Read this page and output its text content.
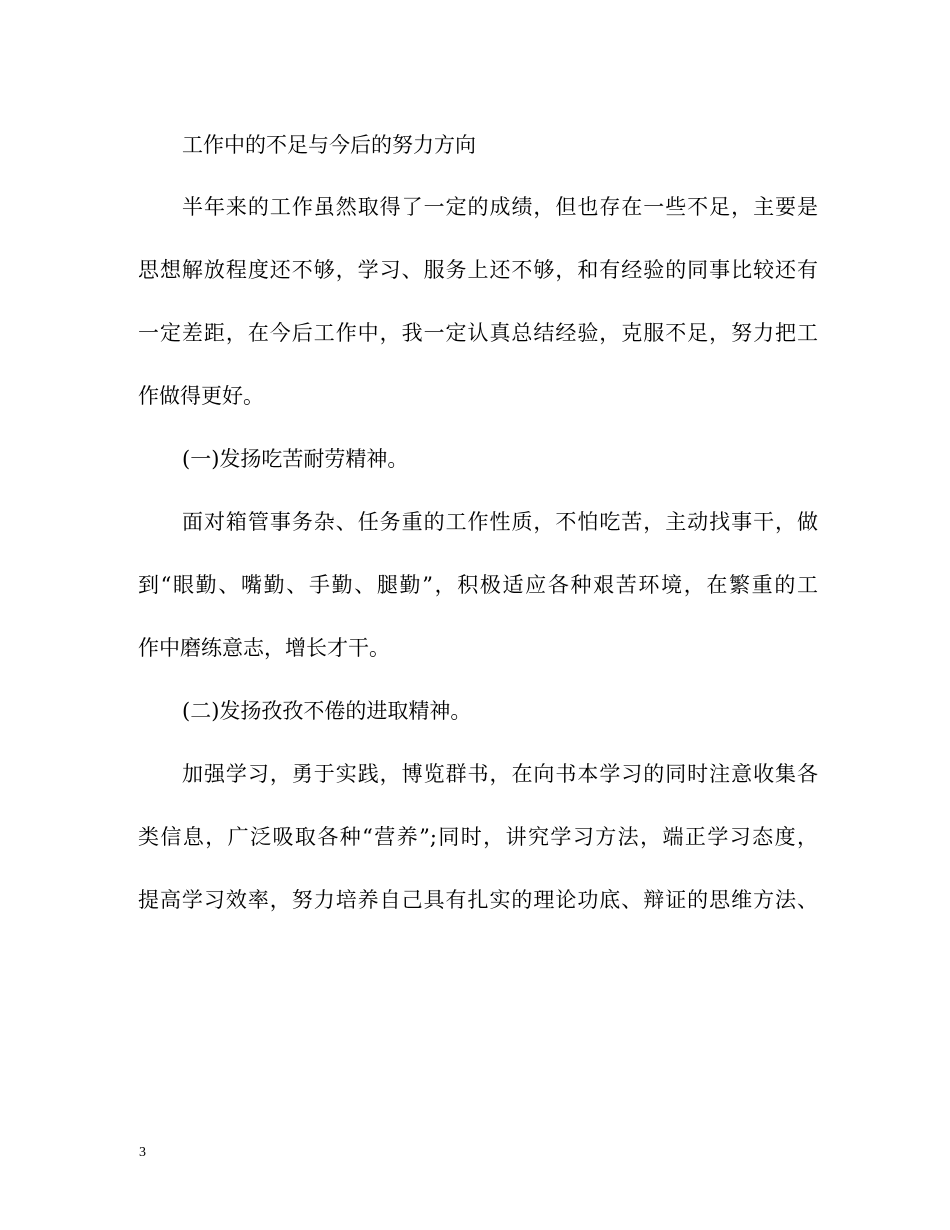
工作中的不足与今后的努力方向
半年来的工作虽然取得了一定的成绩，但也存在一些不足，主要是
思想解放程度还不够，学习、服务上还不够，和有经验的同事比较还有
一定差距，在今后工作中，我一定认真总结经验，克服不足，努力把工
作做得更好。
(一)发扬吃苦耐劳精神。
面对箱管事务杂、任务重的工作性质，不怕吃苦，主动找事干，做
到“眼勤、嘴勤、手勤、腿勤”，积极适应各种艰苦环境，在繁重的工
作中磨练意志，增长才干。
(二)发扬孜孜不倦的进取精神。
加强学习，勇于实践，博览群书，在向书本学习的同时注意收集各
类信息，广泛吸取各种“营养”;同时，讲究学习方法，端正学习态度，
提高学习效率，努力培养自己具有扎实的理论功底、辩证的思维方法、
3
